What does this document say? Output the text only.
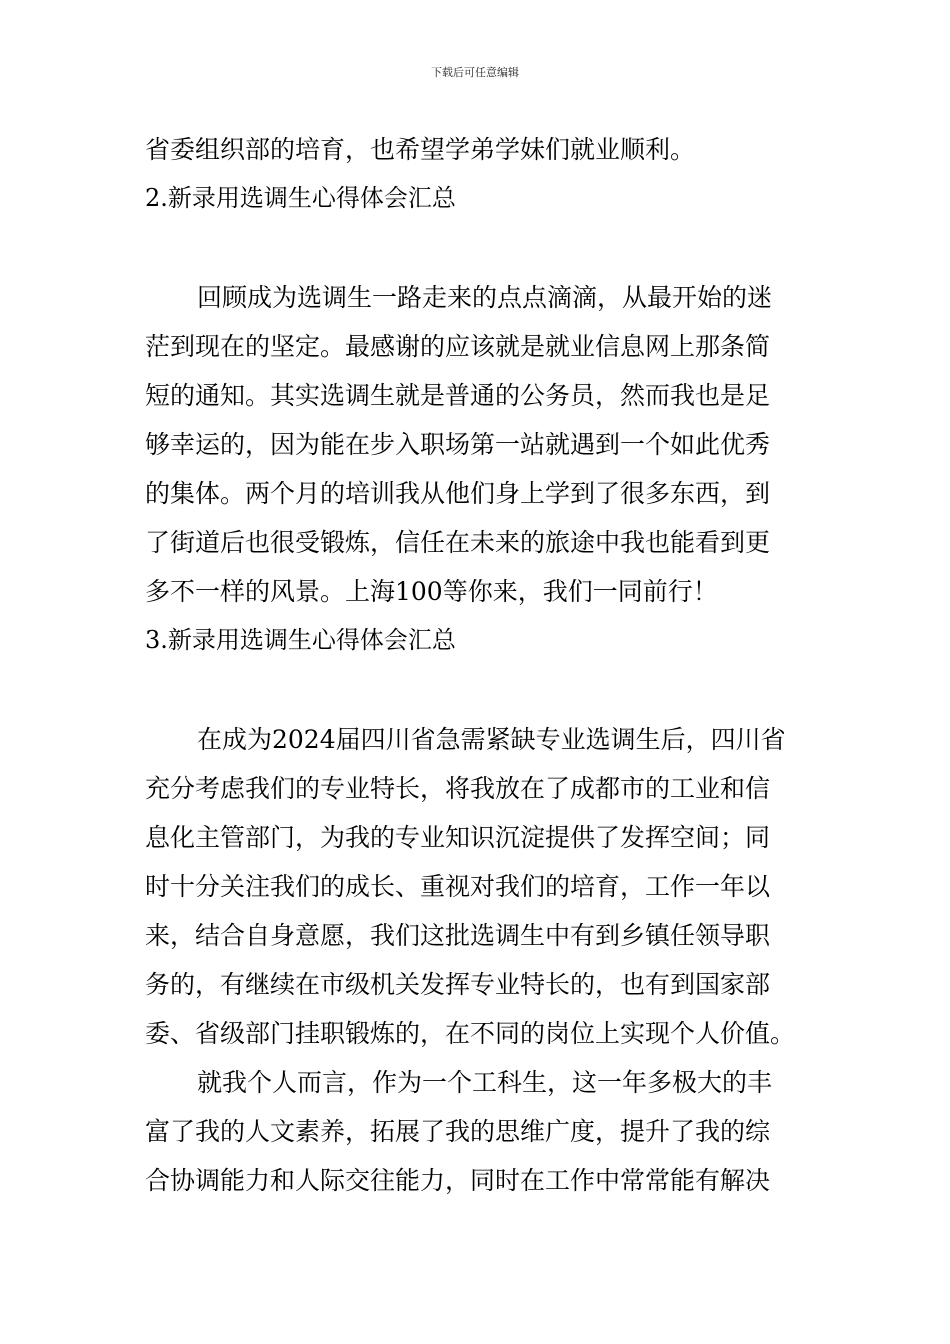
下载后可任意编辑
省委组织部的培育，也希望学弟学妹们就业顺利。
2.新录用选调生心得体会汇总
回顾成为选调生一路走来的点点滴滴，从最开始的迷
茫到现在的坚定。最感谢的应该就是就业信息网上那条简
短的通知。其实选调生就是普通的公务员，然而我也是足
够幸运的，因为能在步入职场第一站就遇到一个如此优秀
的集体。两个月的培训我从他们身上学到了很多东西，到
了街道后也很受锻炼，信任在未来的旅途中我也能看到更
多不一样的风景。上海100等你来，我们一同前行！
3.新录用选调生心得体会汇总
在成为2024届四川省急需紧缺专业选调生后，四川省
充分考虑我们的专业特长，将我放在了成都市的工业和信
息化主管部门，为我的专业知识沉淀提供了发挥空间；同
时十分关注我们的成长、重视对我们的培育，工作一年以
来，结合自身意愿，我们这批选调生中有到乡镇任领导职
务的，有继续在市级机关发挥专业特长的，也有到国家部
委、省级部门挂职锻炼的，在不同的岗位上实现个人价值。
就我个人而言，作为一个工科生，这一年多极大的丰
富了我的人文素养，拓展了我的思维广度，提升了我的综
合协调能力和人际交往能力，同时在工作中常常能有解决
